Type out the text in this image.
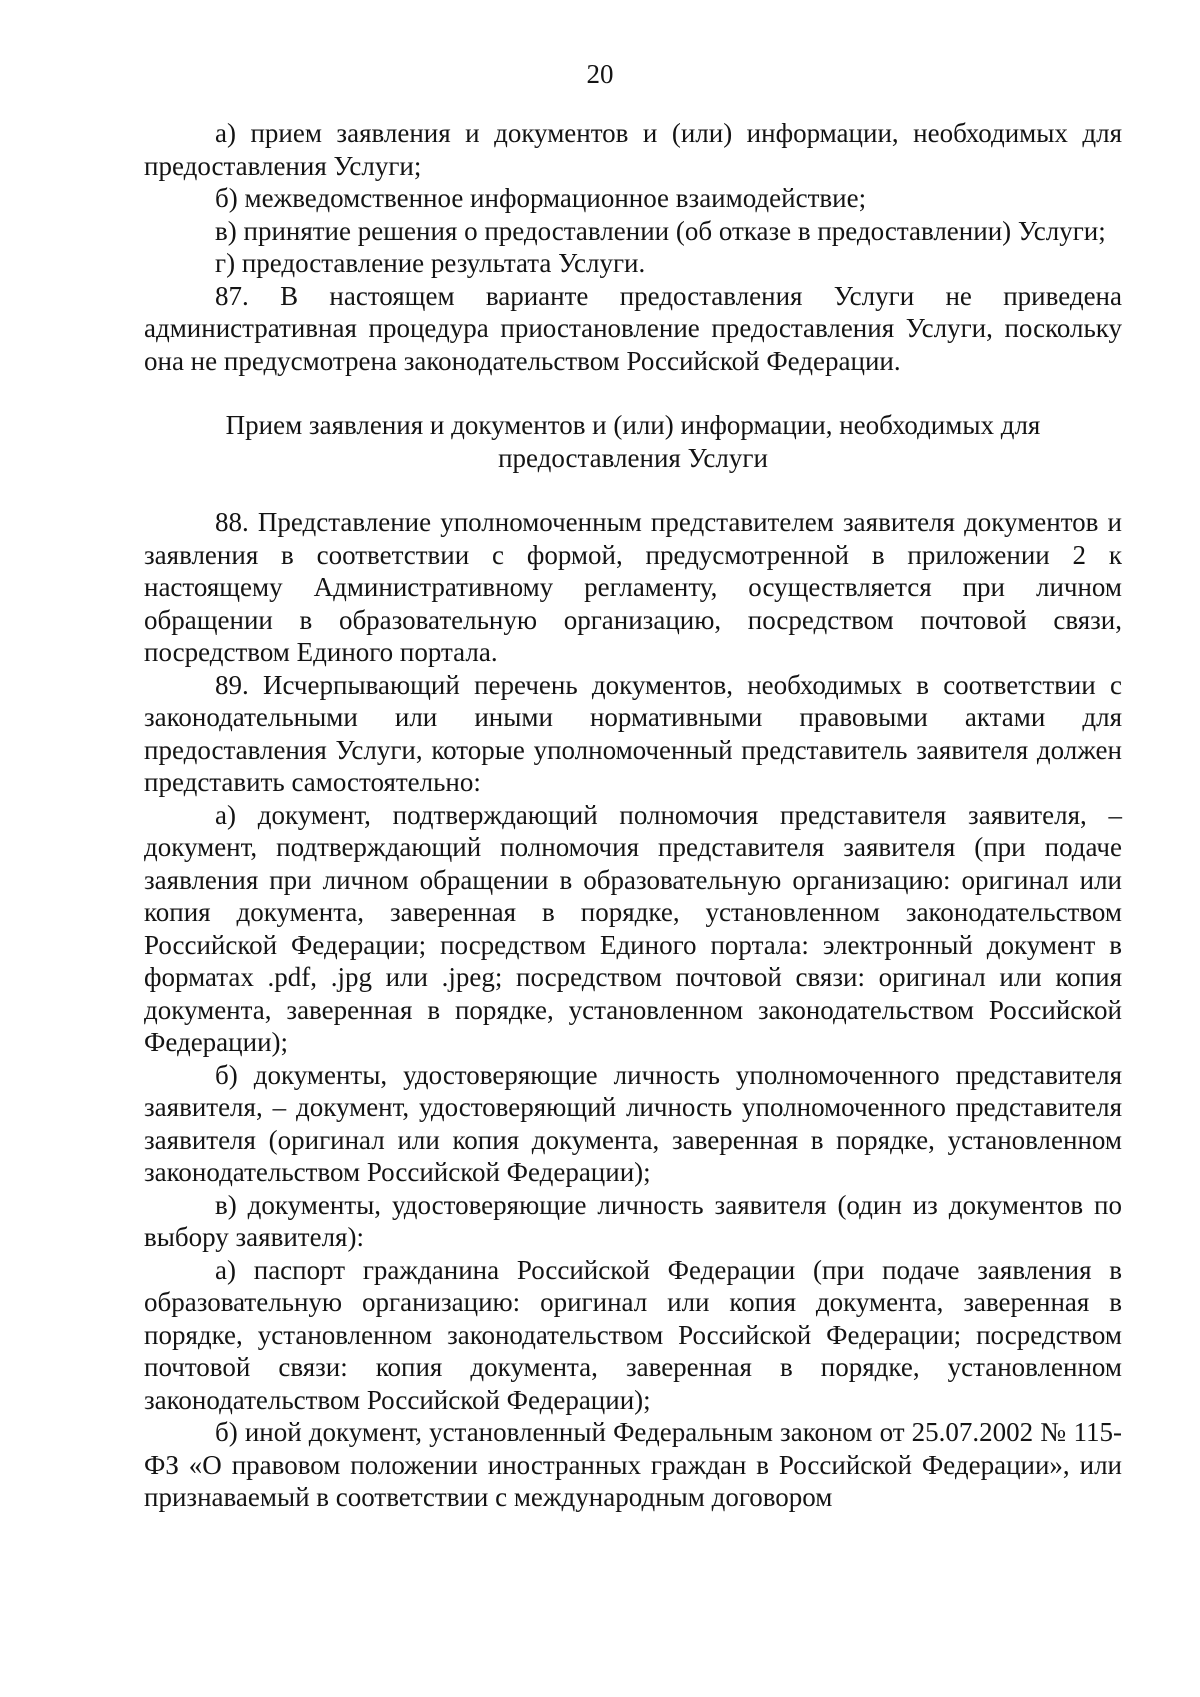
20

а) прием заявления и документов и (или) информации, необходимых для предоставления Услуги;

б) межведомственное информационное взаимодействие;

в) принятие решения о предоставлении (об отказе в предоставлении) Услуги;

г) предоставление результата Услуги.

87. В настоящем варианте предоставления Услуги не приведена административная процедура приостановление предоставления Услуги, поскольку она не предусмотрена законодательством Российской Федерации.

Прием заявления и документов и (или) информации, необходимых для предоставления Услуги

88. Представление уполномоченным представителем заявителя документов и заявления в соответствии с формой, предусмотренной в приложении 2 к настоящему Административному регламенту, осуществляется при личном обращении в образовательную организацию, посредством почтовой связи, посредством Единого портала.

89. Исчерпывающий перечень документов, необходимых в соответствии с законодательными или иными нормативными правовыми актами для предоставления Услуги, которые уполномоченный представитель заявителя должен представить самостоятельно:

а) документ, подтверждающий полномочия представителя заявителя, – документ, подтверждающий полномочия представителя заявителя (при подаче заявления при личном обращении в образовательную организацию: оригинал или копия документа, заверенная в порядке, установленном законодательством Российской Федерации; посредством Единого портала: электронный документ в форматах .pdf, .jpg или .jpeg; посредством почтовой связи: оригинал или копия документа, заверенная в порядке, установленном законодательством Российской Федерации);

б) документы, удостоверяющие личность уполномоченного представителя заявителя, – документ, удостоверяющий личность уполномоченного представителя заявителя (оригинал или копия документа, заверенная в порядке, установленном законодательством Российской Федерации);

в) документы, удостоверяющие личность заявителя (один из документов по выбору заявителя):

а) паспорт гражданина Российской Федерации (при подаче заявления в образовательную организацию: оригинал или копия документа, заверенная в порядке, установленном законодательством Российской Федерации; посредством почтовой связи: копия документа, заверенная в порядке, установленном законодательством Российской Федерации);

б) иной документ, установленный Федеральным законом от 25.07.2002 № 115-ФЗ «О правовом положении иностранных граждан в Российской Федерации», или признаваемый в соответствии с международным договором
